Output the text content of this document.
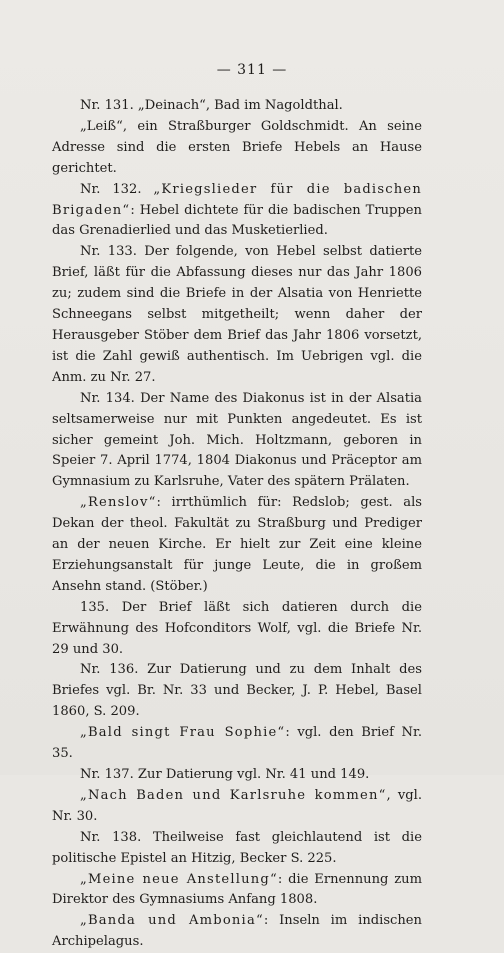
— 311 —

Nr. 131. „Deinach“, Bad im Nagoldthal.

„Leiß“, ein Straßburger Goldschmidt. An seine Adresse sind die ersten Briefe Hebels an Hause gerichtet.

Nr. 132. „Kriegslieder für die badischen Brigaden“: Hebel dichtete für die badischen Truppen das Grenadierlied und das Musketierlied.

Nr. 133. Der folgende, von Hebel selbst datierte Brief, läßt für die Abfassung dieses nur das Jahr 1806 zu; zudem sind die Briefe in der Alsatia von Henriette Schneegans selbst mitgetheilt; wenn daher der Herausgeber Stöber dem Brief das Jahr 1806 vorsetzt, ist die Zahl gewiß authentisch. Im Uebrigen vgl. die Anm. zu Nr. 27.

Nr. 134. Der Name des Diakonus ist in der Alsatia seltsamerweise nur mit Punkten angedeutet. Es ist sicher gemeint Joh. Mich. Holtzmann, geboren in Speier 7. April 1774, 1804 Diakonus und Präceptor am Gymnasium zu Karlsruhe, Vater des spätern Prälaten.

„Renslov“: irrthümlich für: Redslob; gest. als Dekan der theol. Fakultät zu Straßburg und Prediger an der neuen Kirche. Er hielt zur Zeit eine kleine Erziehungsanstalt für junge Leute, die in großem Ansehn stand. (Stöber.)

135. Der Brief läßt sich datieren durch die Erwähnung des Hofconditors Wolf, vgl. die Briefe Nr. 29 und 30.

Nr. 136. Zur Datierung und zu dem Inhalt des Briefes vgl. Br. Nr. 33 und Becker, J. P. Hebel, Basel 1860, S. 209.

„Bald singt Frau Sophie“: vgl. den Brief Nr. 35.

Nr. 137. Zur Datierung vgl. Nr. 41 und 149.

„Nach Baden und Karlsruhe kommen“, vgl. Nr. 30.

Nr. 138. Theilweise fast gleichlautend ist die politische Epistel an Hitzig, Becker S. 225.

„Meine neue Anstellung“: die Ernennung zum Direktor des Gymnasiums Anfang 1808.

„Banda und Ambonia“: Inseln im indischen Archipelagus.
